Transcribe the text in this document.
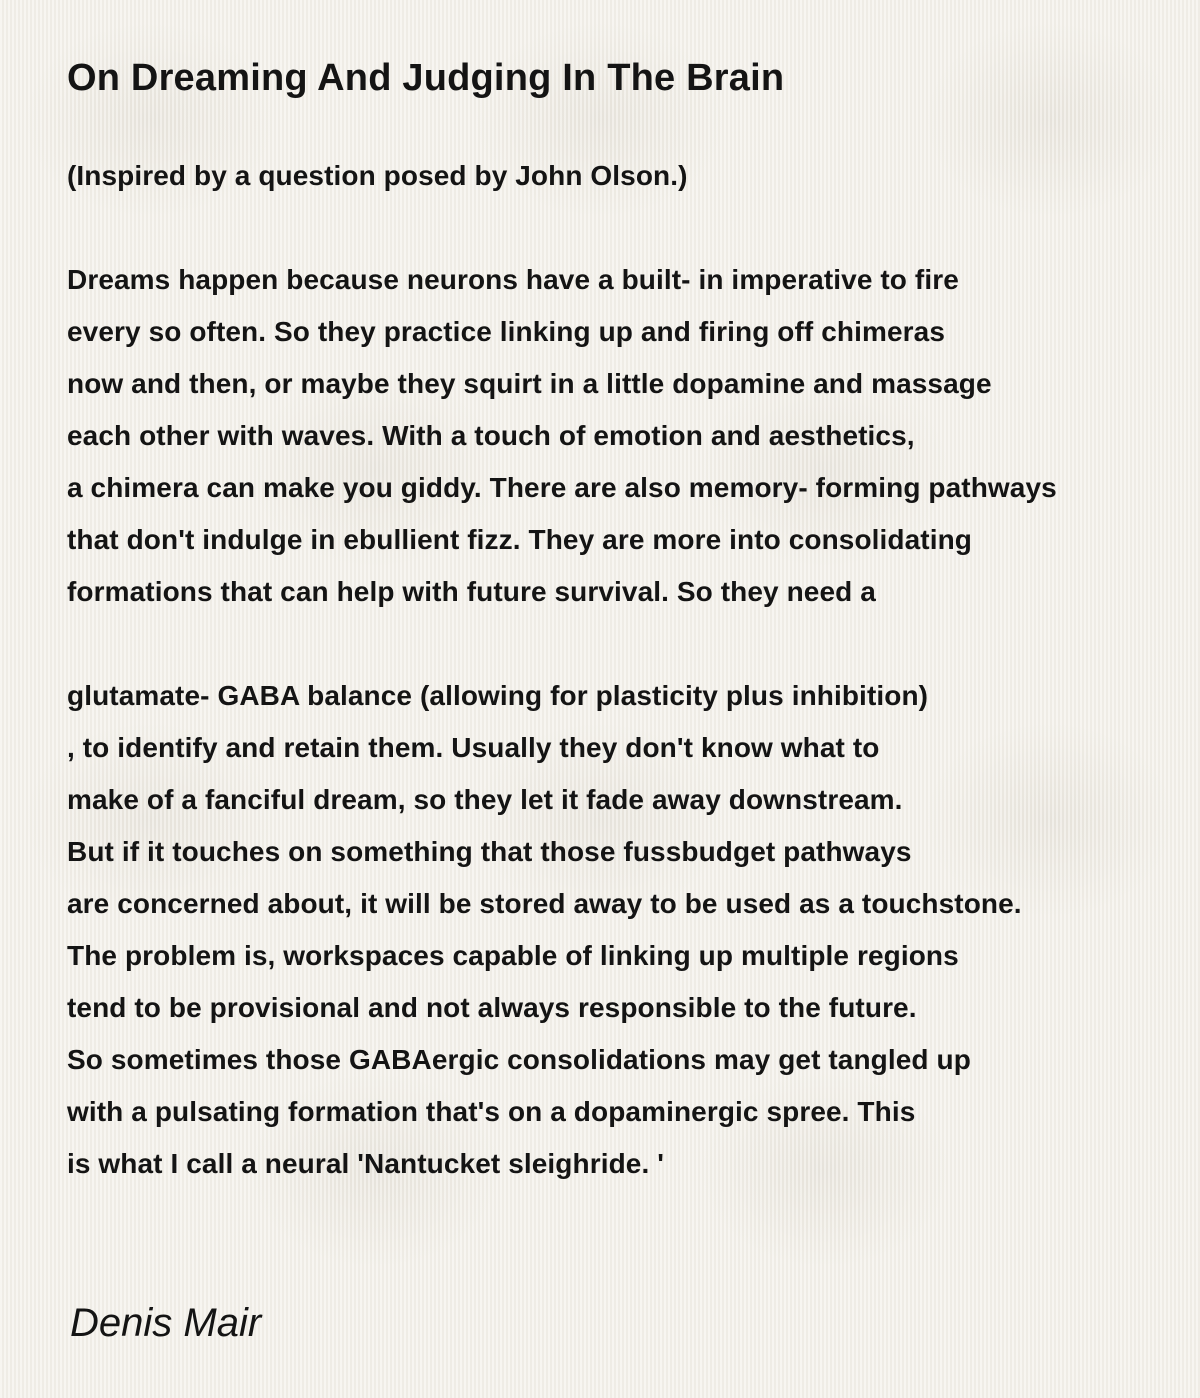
On Dreaming And Judging In The Brain
(Inspired by a question posed by John Olson.)
Dreams happen because neurons have a built- in imperative to fire
every so often. So they practice linking up and firing off chimeras
now and then, or maybe they squirt in a little dopamine and massage
each other with waves. With a touch of emotion and aesthetics,
a chimera can make you giddy. There are also memory- forming pathways
that don't indulge in ebullient fizz. They are more into consolidating
formations that can help with future survival. So they need a
glutamate- GABA balance (allowing for plasticity plus inhibition)
, to identify and retain them. Usually they don't know what to
make of a fanciful dream, so they let it fade away downstream.
But if it touches on something that those fussbudget pathways
are concerned about, it will be stored away to be used as a touchstone.
The problem is, workspaces capable of linking up multiple regions
tend to be provisional and not always responsible to the future.
So sometimes those GABAergic consolidations may get tangled up
with a pulsating formation that's on a dopaminergic spree. This
is what I call a neural 'Nantucket sleighride. '
Denis Mair
